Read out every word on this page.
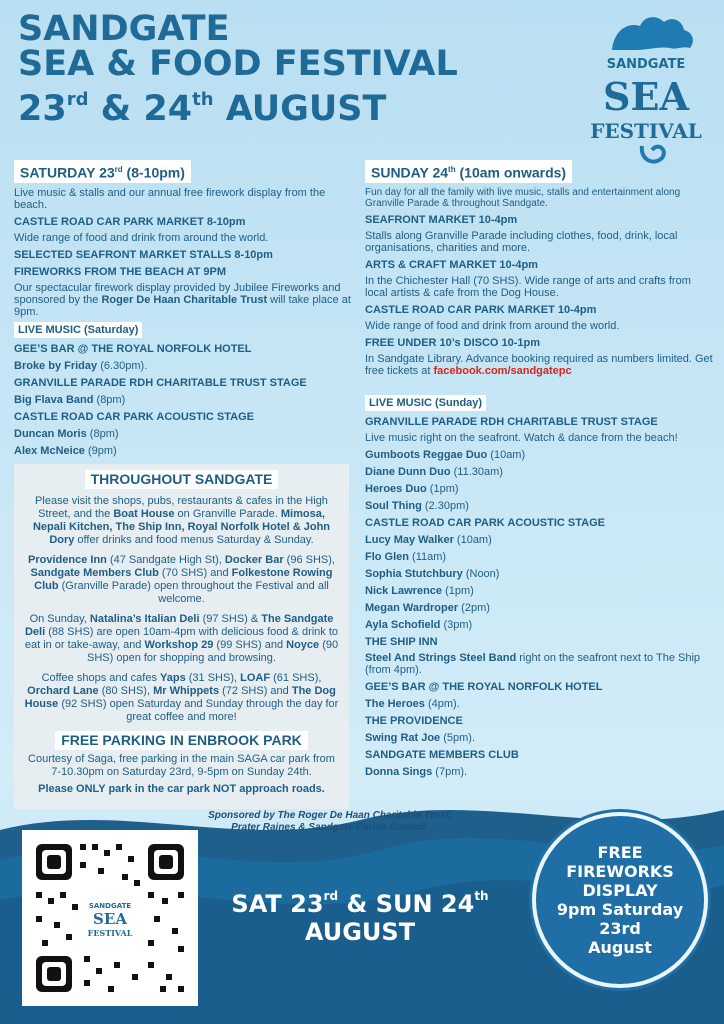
SANDGATE
SEA & FOOD FESTIVAL
23rd & 24th AUGUST
SANDGATE
SEA
FESTIVAL
SATURDAY 23rd (8-10pm)

Live music & stalls and our annual free firework display from the beach.

CASTLE ROAD CAR PARK MARKET 8-10pm

Wide range of food and drink from around the world.

SELECTED SEAFRONT MARKET STALLS 8-10pm
FIREWORKS FROM THE BEACH AT 9PM

Our spectacular firework display provided by Jubilee Fireworks and sponsored by the Roger De Haan Charitable Trust will take place at 9pm.

LIVE MUSIC (Saturday)
GEE’S BAR @ THE ROYAL NORFOLK HOTEL
Broke by Friday (6.30pm).
GRANVILLE PARADE RDH CHARITABLE TRUST STAGE
Big Flava Band (8pm)
CASTLE ROAD CAR PARK ACOUSTIC STAGE
Duncan Moris (8pm)
Alex McNeice (9pm)
THROUGHOUT SANDGATE

Please visit the shops, pubs, restaurants & cafes in the High Street, and the Boat House on Granville Parade. Mimosa, Nepali Kitchen, The Ship Inn, Royal Norfolk Hotel & John Dory offer drinks and food menus Saturday & Sunday.

Providence Inn (47 Sandgate High St), Docker Bar (96 SHS), Sandgate Members Club (70 SHS) and Folkestone Rowing Club (Granville Parade) open throughout the Festival and all welcome.

On Sunday, Natalina’s Italian Deli (97 SHS) & The Sandgate Deli (88 SHS) are open 10am-4pm with delicious food & drink to eat in or take-away, and Workshop 29 (99 SHS) and Noyce (90 SHS) open for shopping and browsing.

Coffee shops and cafes Yaps (31 SHS), LOAF (61 SHS), Orchard Lane (80 SHS), Mr Whippets (72 SHS) and The Dog House (92 SHS) open Saturday and Sunday through the day for great coffee and more!

FREE PARKING IN ENBROOK PARK

Courtesy of Saga, free parking in the main SAGA car park from 7-10.30pm on Saturday 23rd, 9-5pm on Sunday 24th.

Please ONLY park in the car park NOT approach roads.

SUNDAY 24th (10am onwards)

Fun day for all the family with live music, stalls and entertainment along Granville Parade & throughout Sandgate.

SEAFRONT MARKET 10-4pm

Stalls along Granville Parade including clothes, food, drink, local organisations, charities and more.

ARTS & CRAFT MARKET 10-4pm

In the Chichester Hall (70 SHS). Wide range of arts and crafts from local artists & cafe from the Dog House.

CASTLE ROAD CAR PARK MARKET 10-4pm

Wide range of food and drink from around the world.

FREE UNDER 10’s DISCO 10-1pm

In Sandgate Library. Advance booking required as numbers limited. Get free tickets at facebook.com/sandgatepc

LIVE MUSIC (Sunday)
GRANVILLE PARADE RDH CHARITABLE TRUST STAGE

Live music right on the seafront. Watch & dance from the beach!

Gumboots Reggae Duo (10am)
Diane Dunn Duo (11.30am)
Heroes Duo (1pm)
Soul Thing (2.30pm)
CASTLE ROAD CAR PARK ACOUSTIC STAGE
Lucy May Walker (10am)
Flo Glen (11am)
Sophia Stutchbury (Noon)
Nick Lawrence (1pm)
Megan Wardroper (2pm)
Ayla Schofield (3pm)
THE SHIP INN

Steel And Strings Steel Band right on the seafront next to The Ship (from 4pm).

GEE’S BAR @ THE ROYAL NORFOLK HOTEL
The Heroes (4pm).
THE PROVIDENCE
Swing Rat Joe (5pm).
SANDGATE MEMBERS CLUB
Donna Sings (7pm).
Sponsored by The Roger De Haan Charitable Trust,
Prater Raines & Sandgate Parish Council.
SANDGATE
SEA
FESTIVAL
SAT 23rd & SUN 24th
AUGUST
FREE
FIREWORKS
DISPLAY
9pm Saturday
23rd
August
